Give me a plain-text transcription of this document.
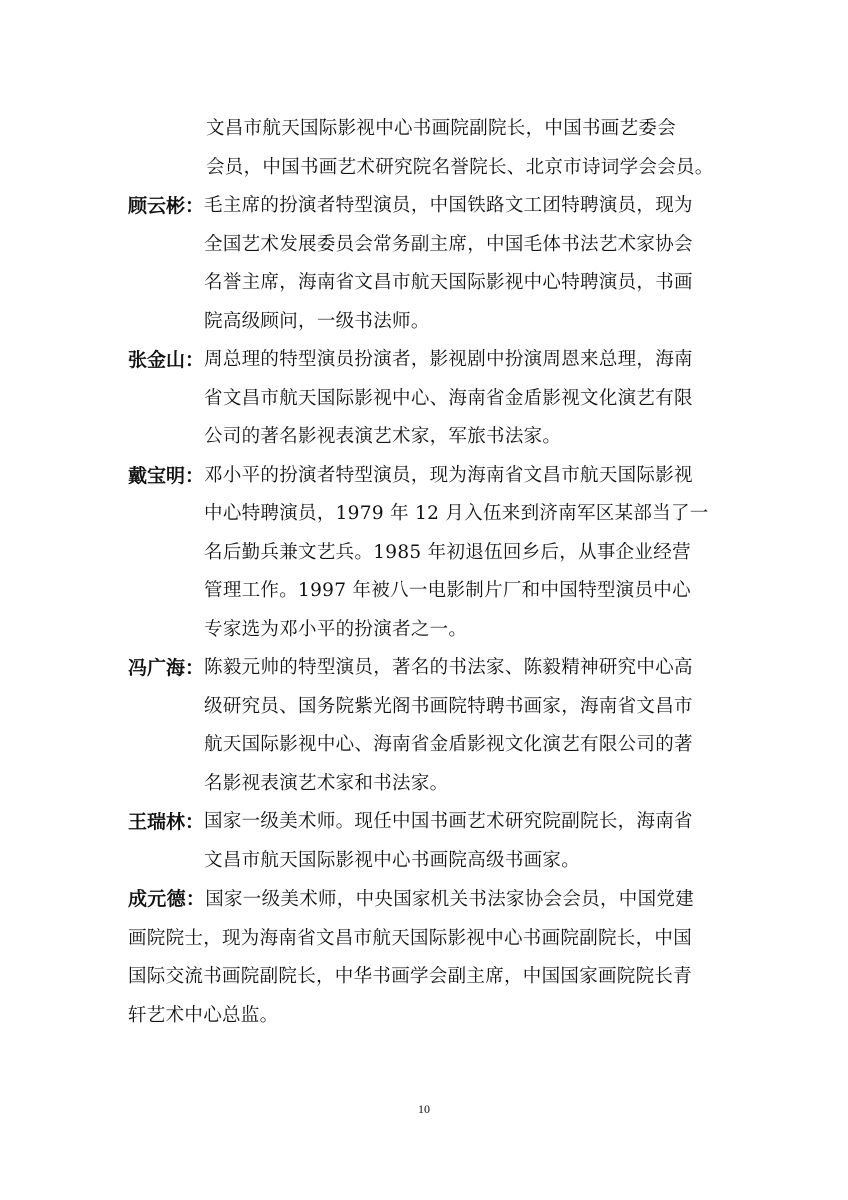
文昌市航天国际影视中心书画院副院长，中国书画艺委会
会员，中国书画艺术研究院名誉院长、北京市诗词学会会员。
顾云彬： 毛主席的扮演者特型演员，中国铁路文工团特聘演员，现为
全国艺术发展委员会常务副主席，中国毛体书法艺术家协会
名誉主席，海南省文昌市航天国际影视中心特聘演员，书画
院高级顾问，一级书法师。
张金山： 周总理的特型演员扮演者，影视剧中扮演周恩来总理，海南
省文昌市航天国际影视中心、海南省金盾影视文化演艺有限
公司的著名影视表演艺术家，军旅书法家。
戴宝明： 邓小平的扮演者特型演员，现为海南省文昌市航天国际影视
中心特聘演员，1979 年 12 月入伍来到济南军区某部当了一
名后勤兵兼文艺兵。1985 年初退伍回乡后，从事企业经营
管理工作。1997 年被八一电影制片厂和中国特型演员中心
专家选为邓小平的扮演者之一。
冯广海： 陈毅元帅的特型演员，著名的书法家、陈毅精神研究中心高
级研究员、国务院紫光阁书画院特聘书画家，海南省文昌市
航天国际影视中心、海南省金盾影视文化演艺有限公司的著
名影视表演艺术家和书法家。
王瑞林： 国家一级美术师。现任中国书画艺术研究院副院长，海南省
文昌市航天国际影视中心书画院高级书画家。
成元德：国家一级美术师，中央国家机关书法家协会会员，中国党建
画院院士，现为海南省文昌市航天国际影视中心书画院副院长，中国
国际交流书画院副院长，中华书画学会副主席，中国国家画院院长青
轩艺术中心总监。
10
